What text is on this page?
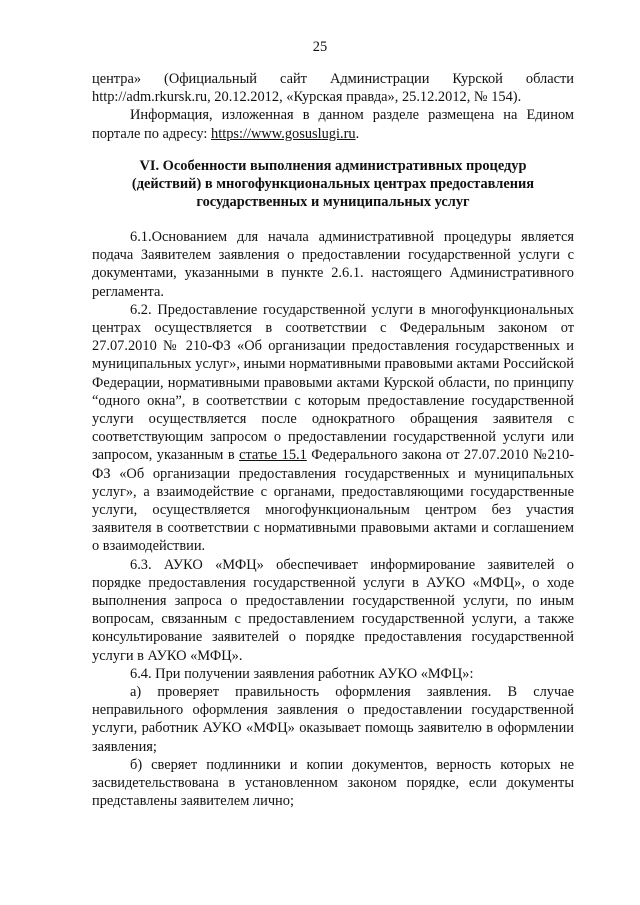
25

центра» (Официальный сайт Администрации Курской области http://adm.rkursk.ru, 20.12.2012, «Курская правда», 25.12.2012, № 154).

Информация, изложенная в данном разделе размещена на Едином портале по адресу: https://www.gosuslugi.ru.

VI. Особенности выполнения административных процедур (действий) в многофункциональных центрах предоставления государственных и муниципальных услуг

6.1.Основанием для начала административной процедуры является подача Заявителем заявления о предоставлении государственной услуги с документами, указанными в пункте 2.6.1. настоящего Административного регламента.

6.2. Предоставление государственной услуги в многофункциональных центрах осуществляется в соответствии с Федеральным законом от 27.07.2010 № 210-ФЗ «Об организации предоставления государственных и муниципальных услуг», иными нормативными правовыми актами Российской Федерации, нормативными правовыми актами Курской области, по принципу “одного окна”, в соответствии с которым предоставление государственной услуги осуществляется после однократного обращения заявителя с соответствующим запросом о предоставлении государственной услуги или запросом, указанным в статье 15.1 Федерального закона от 27.07.2010 №210-ФЗ «Об организации предоставления государственных и муниципальных услуг», а взаимодействие с органами, предоставляющими государственные услуги, осуществляется многофункциональным центром без участия заявителя в соответствии с нормативными правовыми актами и соглашением о взаимодействии.

6.3. АУКО «МФЦ» обеспечивает информирование заявителей о порядке предоставления государственной услуги в АУКО «МФЦ», о ходе выполнения запроса о предоставлении государственной услуги, по иным вопросам, связанным с предоставлением государственной услуги, а также консультирование заявителей о порядке предоставления государственной услуги в АУКО «МФЦ».

6.4. При получении заявления работник АУКО «МФЦ»:

а) проверяет правильность оформления заявления. В случае неправильного оформления заявления о предоставлении государственной услуги, работник АУКО «МФЦ» оказывает помощь заявителю в оформлении заявления;

б) сверяет подлинники и копии документов, верность которых не засвидетельствована в установленном законом порядке, если документы представлены заявителем лично;
